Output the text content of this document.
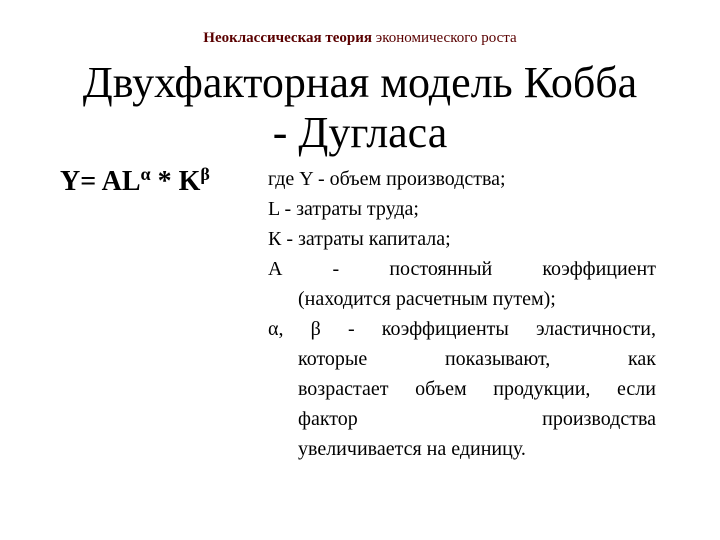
Неоклассическая теория экономического роста
Двухфакторная модель Кобба
- Дугласа
$Y= AL^\alpha * K^\beta$	где Y - объем производства;

L - затраты труда;

К - затраты капитала;

А - постоянный коэффициент

(находится расчетным путем);

α, β - коэффициенты эластичности,

которые показывают, как

возрастает объем продукции, если

фактор производства

увеличивается на единицу.
